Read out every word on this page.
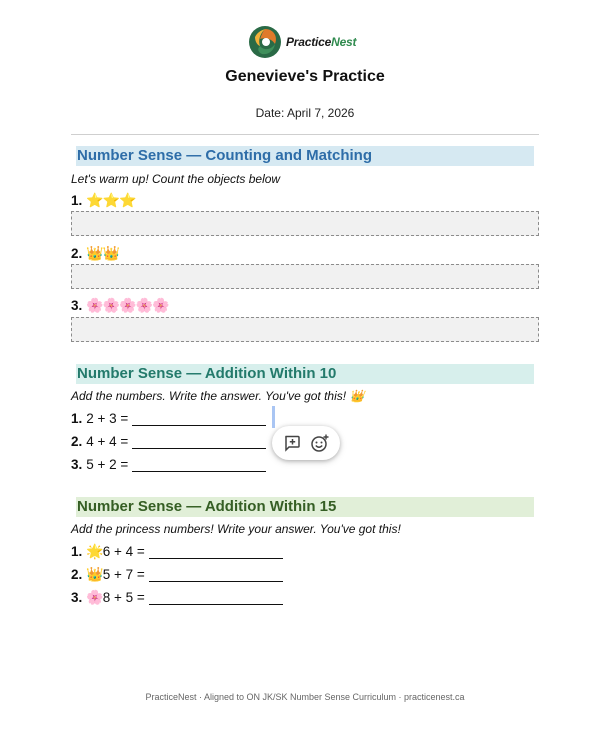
PracticeNest
Genevieve's Practice
Date: April 7, 2026
Number Sense — Counting and Matching
Let's warm up! Count the objects below
1. ⭐⭐⭐
2. 👑👑
3. 🌸🌸🌸🌸🌸
Number Sense — Addition Within 10
Add the numbers. Write the answer. You've got this! 👑
1. 2 + 3 =
2. 4 + 4 =
3. 5 + 2 =
Number Sense — Addition Within 15
Add the princess numbers! Write your answer. You've got this!
1. 🌟 6 + 4 =
2. 👑 5 + 7 =
3. 🌸 8 + 5 =
PracticeNest · Aligned to ON JK/SK Number Sense Curriculum · practicenest.ca
